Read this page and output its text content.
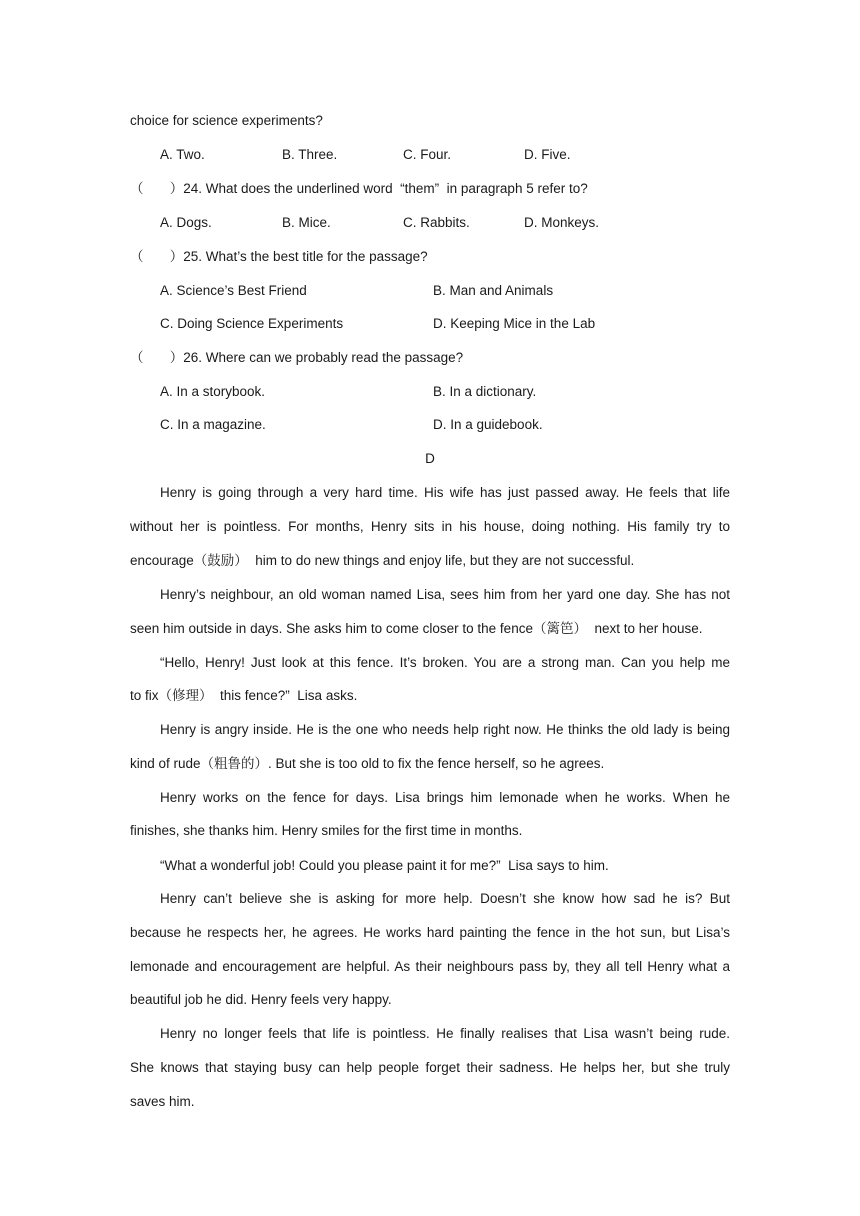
choice for science experiments?
A. Two.	B. Three.	C. Four.	D. Five.
（       ）24. What does the underlined word  “them”  in paragraph 5 refer to?
A. Dogs.	B. Mice.	C. Rabbits.	D. Monkeys.
（       ）25. What’s the best title for the passage?
A. Science’s Best Friend	B. Man and Animals
C. Doing Science Experiments	D. Keeping Mice in the Lab
（       ）26. Where can we probably read the passage?
A. In a storybook.	B. In a dictionary.
C. In a magazine.	D. In a guidebook.
D
Henry is going through a very hard time. His wife has just passed away. He feels that life
without her is pointless. For months, Henry sits in his house, doing nothing. His family try to
encourage（鼓励）  him to do new things and enjoy life, but they are not successful.
Henry’s neighbour, an old woman named Lisa, sees him from her yard one day. She has not
seen him outside in days. She asks him to come closer to the fence（篱笆）  next to her house.
“Hello, Henry! Just look at this fence. It’s broken. You are a strong man. Can you help me
to fix（修理）  this fence?”  Lisa asks.
Henry is angry inside. He is the one who needs help right now. He thinks the old lady is being
kind of rude（粗鲁的）. But she is too old to fix the fence herself, so he agrees.
Henry works on the fence for days. Lisa brings him lemonade when he works. When he
finishes, she thanks him. Henry smiles for the first time in months.
“What a wonderful job! Could you please paint it for me?”  Lisa says to him.
Henry can’t believe she is asking for more help. Doesn’t she know how sad he is? But
because he respects her, he agrees. He works hard painting the fence in the hot sun, but Lisa’s
lemonade and encouragement are helpful. As their neighbours pass by, they all tell Henry what a
beautiful job he did. Henry feels very happy.
Henry no longer feels that life is pointless. He finally realises that Lisa wasn’t being rude.
She knows that staying busy can help people forget their sadness. He helps her, but she truly
saves him.
